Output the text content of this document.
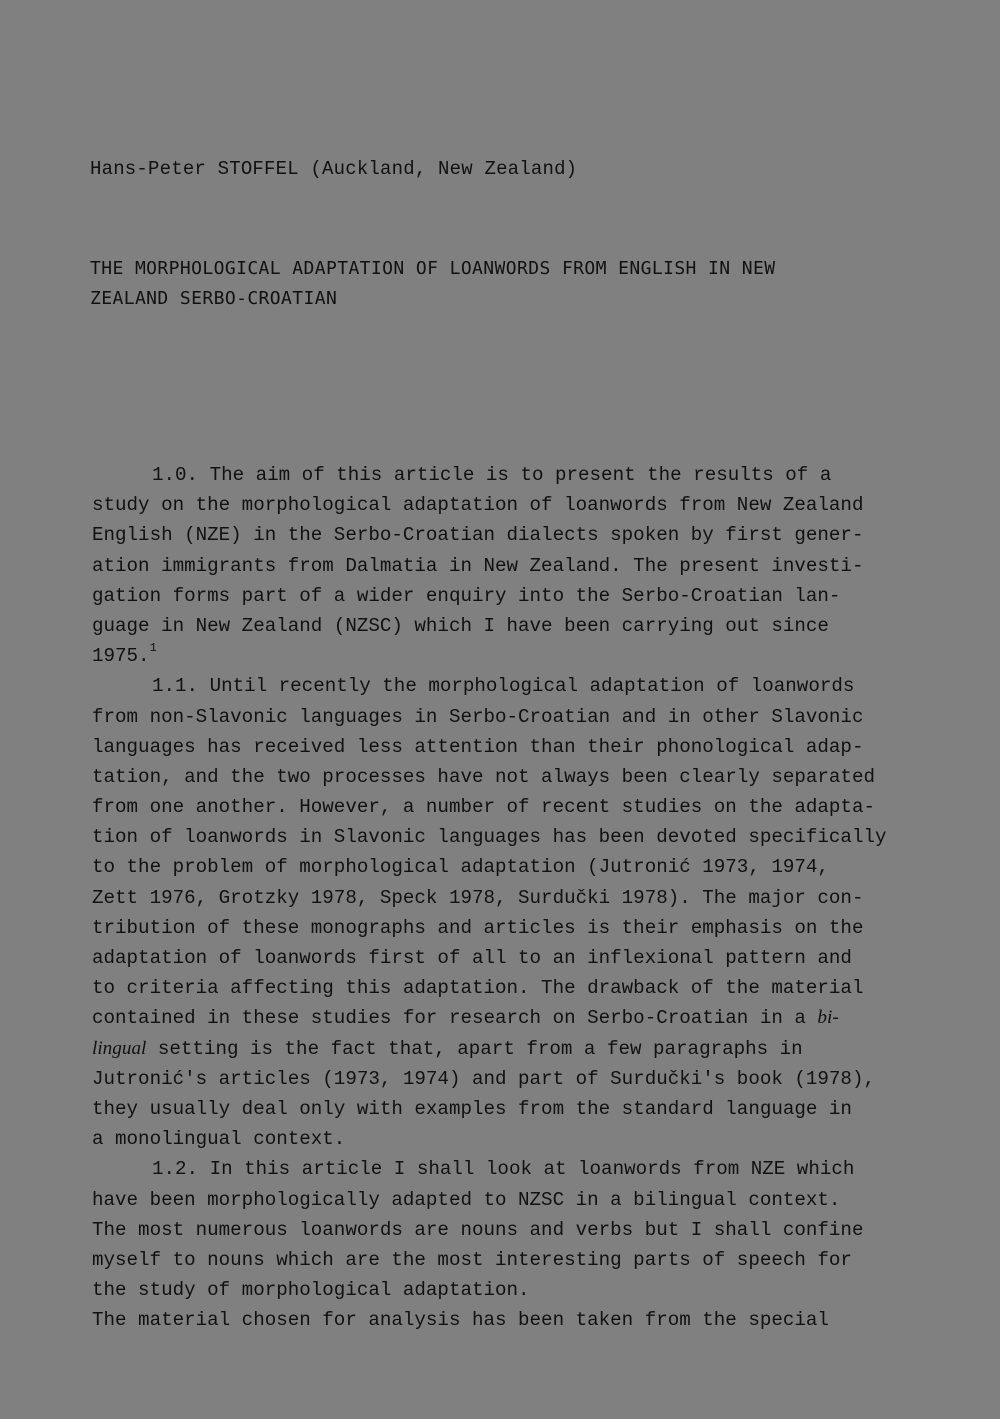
Hans-Peter STOFFEL (Auckland, New Zealand)
THE MORPHOLOGICAL ADAPTATION OF LOANWORDS FROM ENGLISH IN NEW
ZEALAND SERBO-CROATIAN
1.0. The aim of this article is to present the results of a
study on the morphological adaptation of loanwords from New Zealand
English (NZE) in the Serbo-Croatian dialects spoken by first gener-
ation immigrants from Dalmatia in New Zealand. The present investi-
gation forms part of a wider enquiry into the Serbo-Croatian lan-
guage in New Zealand (NZSC) which I have been carrying out since
1975.$^1$
1.1. Until recently the morphological adaptation of loanwords
from non-Slavonic languages in Serbo-Croatian and in other Slavonic
languages has received less attention than their phonological adap-
tation, and the two processes have not always been clearly separated
from one another. However, a number of recent studies on the adapta-
tion of loanwords in Slavonic languages has been devoted specifically
to the problem of morphological adaptation (Jutronić 1973, 1974,
Zett 1976, Grotzky 1978, Speck 1978, Surdučki 1978). The major con-
tribution of these monographs and articles is their emphasis on the
adaptation of loanwords first of all to an inflexional pattern and
to criteria affecting this adaptation. The drawback of the material
contained in these studies for research on Serbo-Croatian in a bi-
lingual setting is the fact that, apart from a few paragraphs in
Jutronić's articles (1973, 1974) and part of Surdučki's book (1978),
they usually deal only with examples from the standard language in
a monolingual context.
1.2. In this article I shall look at loanwords from NZE which
have been morphologically adapted to NZSC in a bilingual context.
The most numerous loanwords are nouns and verbs but I shall confine
myself to nouns which are the most interesting parts of speech for
the study of morphological adaptation.
The material chosen for analysis has been taken from the special
